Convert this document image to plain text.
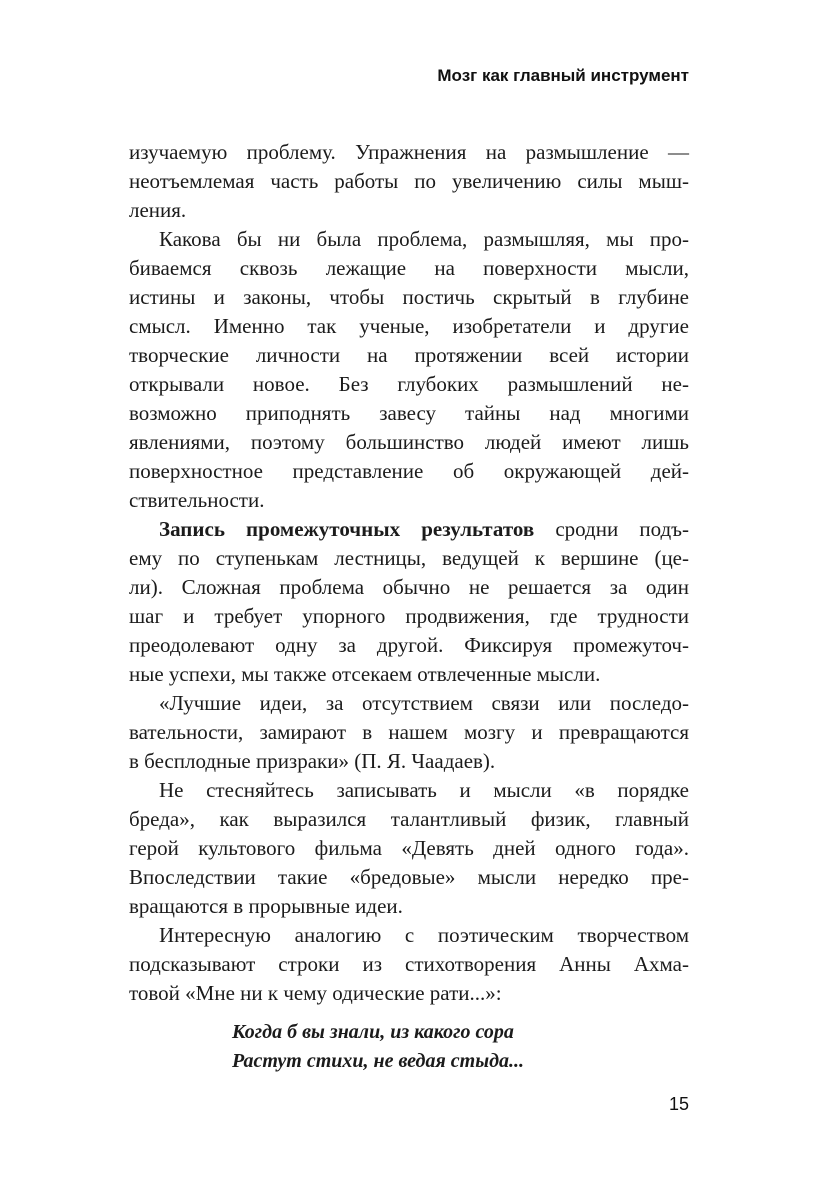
Мозг как главный инструмент
изучаемую проблему. Упражнения на размышление —
неотъемлемая часть работы по увеличению силы мыш-
ления.
Какова бы ни была проблема, размышляя, мы про-
биваемся сквозь лежащие на поверхности мысли,
истины и законы, чтобы постичь скрытый в глубине
смысл. Именно так ученые, изобретатели и другие
творческие личности на протяжении всей истории
открывали новое. Без глубоких размышлений не-
возможно приподнять завесу тайны над многими
явлениями, поэтому большинство людей имеют лишь
поверхностное представление об окружающей дей-
ствительности.
Запись промежуточных результатов сродни подъ-
ему по ступенькам лестницы, ведущей к вершине (це-
ли). Сложная проблема обычно не решается за один
шаг и требует упорного продвижения, где трудности
преодолевают одну за другой. Фиксируя промежуточ-
ные успехи, мы также отсекаем отвлеченные мысли.
«Лучшие идеи, за отсутствием связи или последо-
вательности, замирают в нашем мозгу и превращаются
в бесплодные призраки» (П. Я. Чаадаев).
Не стесняйтесь записывать и мысли «в порядке
бреда», как выразился талантливый физик, главный
герой культового фильма «Девять дней одного года».
Впоследствии такие «бредовые» мысли нередко пре-
вращаются в прорывные идеи.
Интересную аналогию с поэтическим творчеством
подсказывают строки из стихотворения Анны Ахма-
товой «Мне ни к чему одические рати...»:
Когда б вы знали, из какого сора
Растут стихи, не ведая стыда...
15
